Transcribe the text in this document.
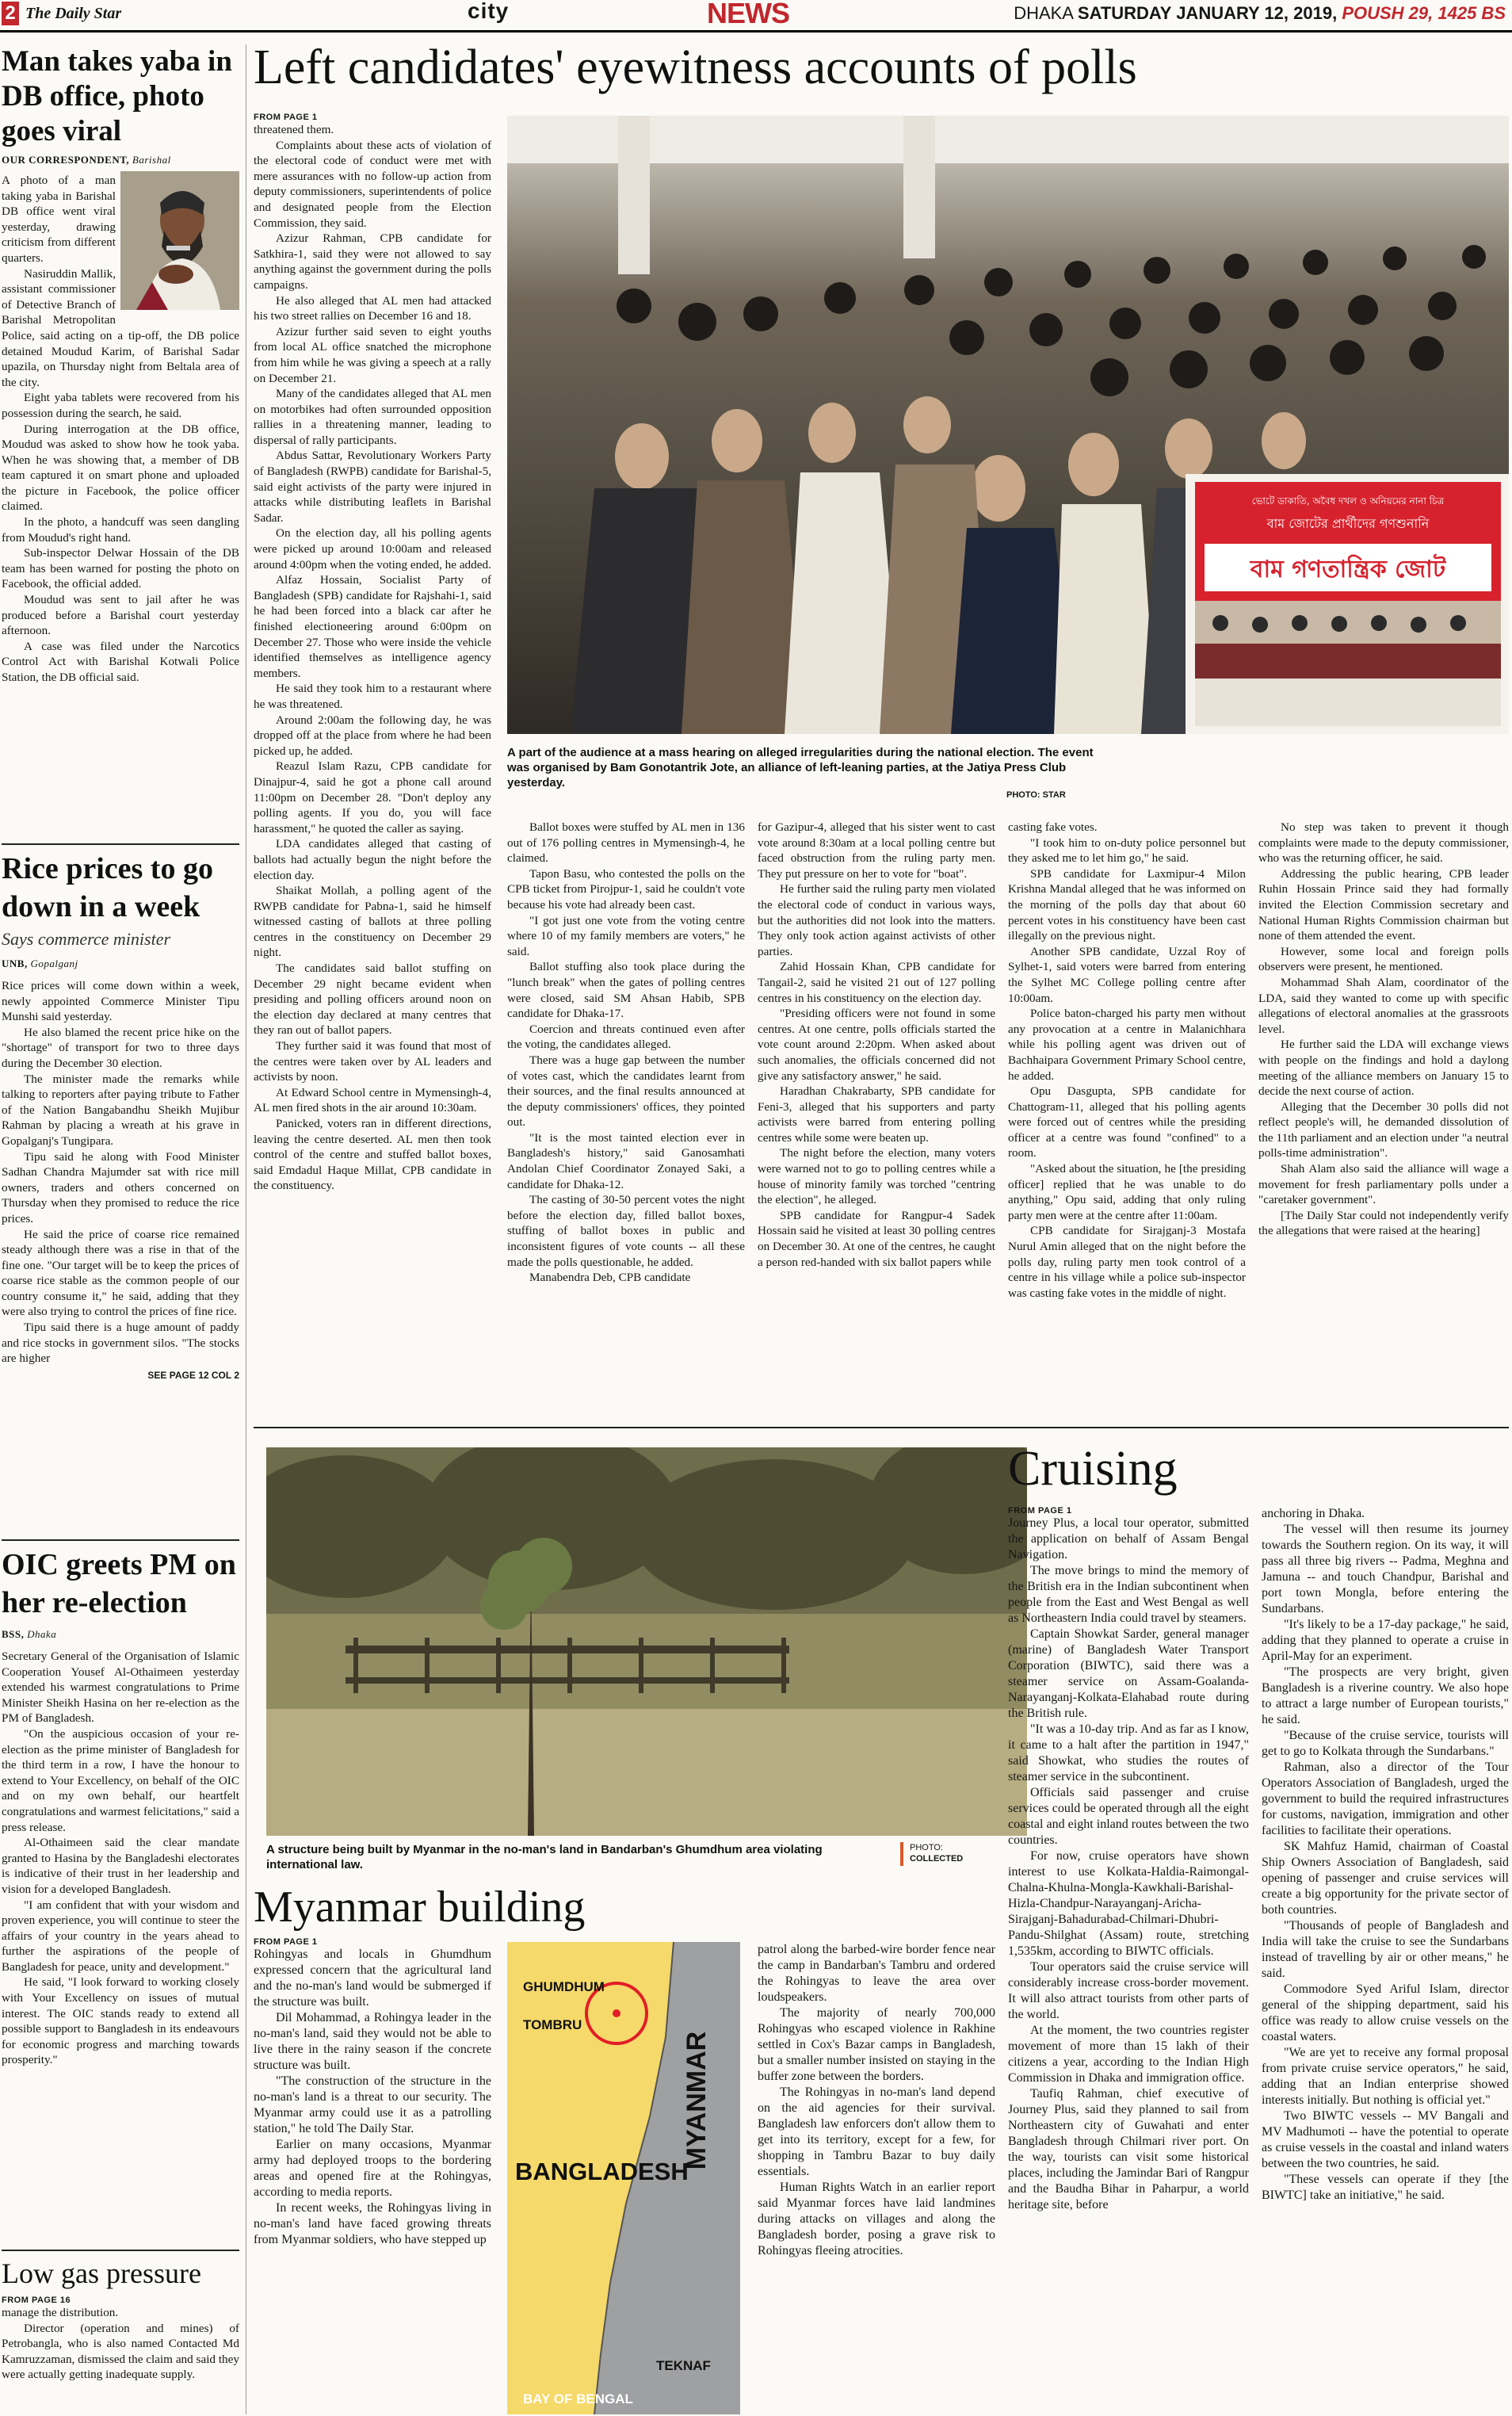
2 The Daily Star	city	NEWS	DHAKA SATURDAY JANUARY 12, 2019, POUSH 29, 1425 BS
Man takes yaba in DB office, photo goes viral
OUR CORRESPONDENT, Barishal

A photo of a man taking yaba in Barishal DB office went viral yesterday, drawing criticism from different quarters.

Nasiruddin Mallik, assistant commissioner of Detective Branch of Barishal Metropolitan Police, said acting on a tip-off, the DB police detained Moudud Karim, of Barishal Sadar upazila, on Thursday night from Beltala area of the city.

Eight yaba tablets were recovered from his possession during the search, he said.

During interrogation at the DB office, Moudud was asked to show how he took yaba. When he was showing that, a member of DB team captured it on smart phone and uploaded the picture in Facebook, the police officer claimed.

In the photo, a handcuff was seen dangling from Moudud's right hand.

Sub-inspector Delwar Hossain of the DB team has been warned for posting the photo on Facebook, the official added.

Moudud was sent to jail after he was produced before a Barishal court yesterday afternoon.

A case was filed under the Narcotics Control Act with Barishal Kotwali Police Station, the DB official said.

Rice prices to go down in a week
Says commerce minister
UNB, Gopalganj

Rice prices will come down within a week, newly appointed Commerce Minister Tipu Munshi said yesterday.

He also blamed the recent price hike on the "shortage" of transport for two to three days during the December 30 election.

The minister made the remarks while talking to reporters after paying tribute to Father of the Nation Bangabandhu Sheikh Mujibur Rahman by placing a wreath at his grave in Gopalganj's Tungipara.

Tipu said he along with Food Minister Sadhan Chandra Majumder sat with rice mill owners, traders and others concerned on Thursday when they promised to reduce the rice prices.

He said the price of coarse rice remained steady although there was a rise in that of the fine one. "Our target will be to keep the prices of coarse rice stable as the common people of our country consume it," he said, adding that they were also trying to control the prices of fine rice.

Tipu said there is a huge amount of paddy and rice stocks in government silos. "The stocks are higher

SEE PAGE 12 COL 2
OIC greets PM on her re-election
BSS, Dhaka

Secretary General of the Organisation of Islamic Cooperation Yousef Al-Othaimeen yesterday extended his warmest congratulations to Prime Minister Sheikh Hasina on her re-election as the PM of Bangladesh.

"On the auspicious occasion of your re-election as the prime minister of Bangladesh for the third term in a row, I have the honour to extend to Your Excellency, on behalf of the OIC and on my own behalf, our heartfelt congratulations and warmest felicitations," said a press release.

Al-Othaimeen said the clear mandate granted to Hasina by the Bangladeshi electorates is indicative of their trust in her leadership and vision for a developed Bangladesh.

"I am confident that with your wisdom and proven experience, you will continue to steer the affairs of your country in the years ahead to further the aspirations of the people of Bangladesh for peace, unity and development."

He said, "I look forward to working closely with Your Excellency on issues of mutual interest. The OIC stands ready to extend all possible support to Bangladesh in its endeavours for economic progress and marching towards prosperity."

Low gas pressure
FROM PAGE 16

manage the distribution.

Director (operation and mines) of Petrobangla, who is also named Contacted Md Kamruzzaman, dismissed the claim and said they were actually getting inadequate supply.

Left candidates' eyewitness accounts of polls
FROM PAGE 1

threatened them.

Complaints about these acts of violation of the electoral code of conduct were met with mere assurances with no follow-up action from deputy commissioners, superintendents of police and designated people from the Election Commission, they said.

Azizur Rahman, CPB candidate for Satkhira-1, said they were not allowed to say anything against the government during the polls campaigns.

He also alleged that AL men had attacked his two street rallies on December 16 and 18.

Azizur further said seven to eight youths from local AL office snatched the microphone from him while he was giving a speech at a rally on December 21.

Many of the candidates alleged that AL men on motorbikes had often surrounded opposition rallies in a threatening manner, leading to dispersal of rally participants.

Abdus Sattar, Revolutionary Workers Party of Bangladesh (RWPB) candidate for Barishal-5, said eight activists of the party were injured in attacks while distributing leaflets in Barishal Sadar.

On the election day, all his polling agents were picked up around 10:00am and released around 4:00pm when the voting ended, he added.

Alfaz Hossain, Socialist Party of Bangladesh (SPB) candidate for Rajshahi-1, said he had been forced into a black car after he finished electioneering around 6:00pm on December 27. Those who were inside the vehicle identified themselves as intelligence agency members.

He said they took him to a restaurant where he was threatened.

Around 2:00am the following day, he was dropped off at the place from where he had been picked up, he added.

Reazul Islam Razu, CPB candidate for Dinajpur-4, said he got a phone call around 11:00pm on December 28. "Don't deploy any polling agents. If you do, you will face harassment," he quoted the caller as saying.

LDA candidates alleged that casting of ballots had actually begun the night before the election day.

Shaikat Mollah, a polling agent of the RWPB candidate for Pabna-1, said he himself witnessed casting of ballots at three polling centres in the constituency on December 29 night.

The candidates said ballot stuffing on December 29 night became evident when presiding and polling officers around noon on the election day declared at many centres that they ran out of ballot papers.

They further said it was found that most of the centres were taken over by AL leaders and activists by noon.

At Edward School centre in Mymensingh-4, AL men fired shots in the air around 10:30am.

Panicked, voters ran in different directions, leaving the centre deserted. AL men then took control of the centre and stuffed ballot boxes, said Emdadul Haque Millat, CPB candidate in the constituency.

ভোটে ডাকাতি, অবৈধ দখল ও অনিয়মের নানা চিত্র
বাম জোটের প্রার্থীদের গণশুনানি
বাম গণতান্ত্রিক জোট
A part of the audience at a mass hearing on alleged irregularities during the national election. The event was organised by Bam Gonotantrik Jote, an alliance of left-leaning parties, at the Jatiya Press Club yesterday.
PHOTO: STAR

Ballot boxes were stuffed by AL men in 136 out of 176 polling centres in Mymensingh-4, he claimed.

Tapon Basu, who contested the polls on the CPB ticket from Pirojpur-1, said he couldn't vote because his vote had already been cast.

"I got just one vote from the voting centre where 10 of my family members are voters," he said.

Ballot stuffing also took place during the "lunch break" when the gates of polling centres were closed, said SM Ahsan Habib, SPB candidate for Dhaka-17.

Coercion and threats continued even after the voting, the candidates alleged.

There was a huge gap between the number of votes cast, which the candidates learnt from their sources, and the final results announced at the deputy commissioners' offices, they pointed out.

"It is the most tainted election ever in Bangladesh's history," said Ganosamhati Andolan Chief Coordinator Zonayed Saki, a candidate for Dhaka-12.

The casting of 30-50 percent votes the night before the election day, filled ballot boxes, stuffing of ballot boxes in public and inconsistent figures of vote counts -- all these made the polls questionable, he added.

Manabendra Deb, CPB candidate

for Gazipur-4, alleged that his sister went to cast vote around 8:30am at a local polling centre but faced obstruction from the ruling party men. They put pressure on her to vote for "boat".

He further said the ruling party men violated the electoral code of conduct in various ways, but the authorities did not look into the matters. They only took action against activists of other parties.

Zahid Hossain Khan, CPB candidate for Tangail-2, said he visited 21 out of 127 polling centres in his constituency on the election day.

"Presiding officers were not found in some centres. At one centre, polls officials started the vote count around 2:20pm. When asked about such anomalies, the officials concerned did not give any satisfactory answer," he said.

Haradhan Chakrabarty, SPB candidate for Feni-3, alleged that his supporters and party activists were barred from entering polling centres while some were beaten up.

The night before the election, many voters were warned not to go to polling centres while a house of minority family was torched "centring the election", he alleged.

SPB candidate for Rangpur-4 Sadek Hossain said he visited at least 30 polling centres on December 30. At one of the centres, he caught a person red-handed with six ballot papers while

casting fake votes.

"I took him to on-duty police personnel but they asked me to let him go," he said.

SPB candidate for Laxmipur-4 Milon Krishna Mandal alleged that he was informed on the morning of the polls day that about 60 percent votes in his constituency have been cast illegally on the previous night.

Another SPB candidate, Uzzal Roy of Sylhet-1, said voters were barred from entering the Sylhet MC College polling centre after 10:00am.

Police baton-charged his party men without any provocation at a centre in Malanichhara while his polling agent was driven out of Bachhaipara Government Primary School centre, he added.

Opu Dasgupta, SPB candidate for Chattogram-11, alleged that his polling agents were forced out of centres while the presiding officer at a centre was found "confined" to a room.

"Asked about the situation, he [the presiding officer] replied that he was unable to do anything," Opu said, adding that only ruling party men were at the centre after 11:00am.

CPB candidate for Sirajganj-3 Mostafa Nurul Amin alleged that on the night before the polls day, ruling party men took control of a centre in his village while a police sub-inspector was casting fake votes in the middle of night.

No step was taken to prevent it though complaints were made to the deputy commissioner, who was the returning officer, he said.

Addressing the public hearing, CPB leader Ruhin Hossain Prince said they had formally invited the Election Commission secretary and National Human Rights Commission chairman but none of them attended the event.

However, some local and foreign polls observers were present, he mentioned.

Mohammad Shah Alam, coordinator of the LDA, said they wanted to come up with specific allegations of electoral anomalies at the grassroots level.

He further said the LDA will exchange views with people on the findings and hold a daylong meeting of the alliance members on January 15 to decide the next course of action.

Alleging that the December 30 polls did not reflect people's will, he demanded dissolution of the 11th parliament and an election under "a neutral polls-time administration".

Shah Alam also said the alliance will wage a movement for fresh parliamentary polls under a "caretaker government".

[The Daily Star could not independently verify the allegations that were raised at the hearing]

A structure being built by Myanmar in the no-man's land in Bandarban's Ghumdhum area violating international law.
PHOTO:
COLLECTED
Myanmar building
FROM PAGE 1

Rohingyas and locals in Ghumdhum expressed concern that the agricultural land and the no-man's land would be submerged if the structure was built.

Dil Mohammad, a Rohingya leader in the no-man's land, said they would not be able to live there in the rainy season if the concrete structure was built.

"The construction of the structure in the no-man's land is a threat to our security. The Myanmar army could use it as a patrolling station," he told The Daily Star.

Earlier on many occasions, Myanmar army had deployed troops to the bordering areas and opened fire at the Rohingyas, according to media reports.

In recent weeks, the Rohingyas living in no-man's land have faced growing threats from Myanmar soldiers, who have stepped up

GHUMDHUM
TOMBRU
MYANMAR
BANGLADESH
TEKNAF
BAY OF BENGAL

patrol along the barbed-wire border fence near the camp in Bandarban's Tambru and ordered the Rohingyas to leave the area over loudspeakers.

The majority of nearly 700,000 Rohingyas who escaped violence in Rakhine settled in Cox's Bazar camps in Bangladesh, but a smaller number insisted on staying in the buffer zone between the borders.

The Rohingyas in no-man's land depend on the aid agencies for their survival. Bangladesh law enforcers don't allow them to get into its territory, except for a few, for shopping in Tambru Bazar to buy daily essentials.

Human Rights Watch in an earlier report said Myanmar forces have laid landmines during attacks on villages and along the Bangladesh border, posing a grave risk to Rohingyas fleeing atrocities.

Cruising
FROM PAGE 1

Journey Plus, a local tour operator, submitted the application on behalf of Assam Bengal Navigation.

The move brings to mind the memory of the British era in the Indian subcontinent when people from the East and West Bengal as well as Northeastern India could travel by steamers.

Captain Showkat Sarder, general manager (marine) of Bangladesh Water Transport Corporation (BIWTC), said there was a steamer service on Assam-Goalanda-Narayanganj-Kolkata-Elahabad route during the British rule.

"It was a 10-day trip. And as far as I know, it came to a halt after the partition in 1947," said Showkat, who studies the routes of steamer service in the subcontinent.

Officials said passenger and cruise services could be operated through all the eight coastal and eight inland routes between the two countries.

For now, cruise operators have shown interest to use Kolkata-Haldia-Raimongal-Chalna-Khulna-Mongla-Kawkhali-Barishal-Hizla-Chandpur-Narayanganj-Aricha-Sirajganj-Bahadurabad-Chilmari-Dhubri-Pandu-Shilghat (Assam) route, stretching 1,535km, according to BIWTC officials.

Tour operators said the cruise service will considerably increase cross-border movement. It will also attract tourists from other parts of the world.

At the moment, the two countries register movement of more than 15 lakh of their citizens a year, according to the Indian High Commission in Dhaka and immigration office.

Taufiq Rahman, chief executive of Journey Plus, said they planned to sail from Northeastern city of Guwahati and enter Bangladesh through Chilmari river port. On the way, tourists can visit some historical places, including the Jamindar Bari of Rangpur and the Baudha Bihar in Paharpur, a world heritage site, before

anchoring in Dhaka.

The vessel will then resume its journey towards the Southern region. On its way, it will pass all three big rivers -- Padma, Meghna and Jamuna -- and touch Chandpur, Barishal and port town Mongla, before entering the Sundarbans.

"It's likely to be a 17-day package," he said, adding that they planned to operate a cruise in April-May for an experiment.

"The prospects are very bright, given Bangladesh is a riverine country. We also hope to attract a large number of European tourists," he said.

"Because of the cruise service, tourists will get to go to Kolkata through the Sundarbans."

Rahman, also a director of the Tour Operators Association of Bangladesh, urged the government to build the required infrastructures for customs, navigation, immigration and other facilities to facilitate their operations.

SK Mahfuz Hamid, chairman of Coastal Ship Owners Association of Bangladesh, said opening of passenger and cruise services will create a big opportunity for the private sector of both countries.

"Thousands of people of Bangladesh and India will take the cruise to see the Sundarbans instead of travelling by air or other means," he said.

Commodore Syed Ariful Islam, director general of the shipping department, said his office was ready to allow cruise vessels on the coastal waters.

"We are yet to receive any formal proposal from private cruise service operators," he said, adding that an Indian enterprise showed interests initially. But nothing is official yet."

Two BIWTC vessels -- MV Bangali and MV Madhumoti -- have the potential to operate as cruise vessels in the coastal and inland waters between the two countries, he said.

"These vessels can operate if they [the BIWTC] take an initiative," he said.
